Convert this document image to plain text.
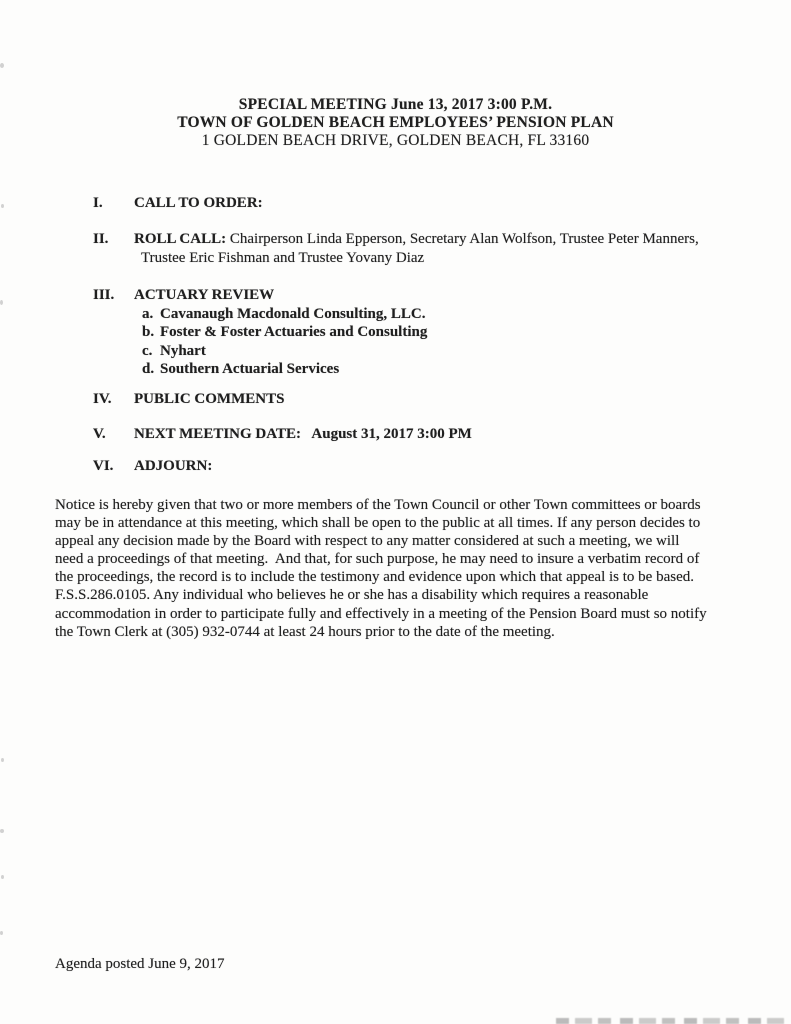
SPECIAL MEETING June 13, 2017 3:00 P.M.
TOWN OF GOLDEN BEACH EMPLOYEES’ PENSION PLAN
1 GOLDEN BEACH DRIVE, GOLDEN BEACH, FL 33160
I.	CALL TO ORDER:
II.	ROLL CALL: Chairperson Linda Epperson, Secretary Alan Wolfson, Trustee Peter Manners,
Trustee Eric Fishman and Trustee Yovany Diaz
III.	ACTUARY REVIEW
a. Cavanaugh Macdonald Consulting, LLC.
b. Foster & Foster Actuaries and Consulting
c. Nyhart
d. Southern Actuarial Services
IV.	PUBLIC COMMENTS
V.	NEXT MEETING DATE:   August 31, 2017 3:00 PM
VI.	ADJOURN:
Notice is hereby given that two or more members of the Town Council or other Town committees or boards
may be in attendance at this meeting, which shall be open to the public at all times. If any person decides to
appeal any decision made by the Board with respect to any matter considered at such a meeting, we will
need a proceedings of that meeting.  And that, for such purpose, he may need to insure a verbatim record of
the proceedings, the record is to include the testimony and evidence upon which that appeal is to be based.
F.S.S.286.0105. Any individual who believes he or she has a disability which requires a reasonable
accommodation in order to participate fully and effectively in a meeting of the Pension Board must so notify
the Town Clerk at (305) 932-0744 at least 24 hours prior to the date of the meeting.
Agenda posted June 9, 2017
